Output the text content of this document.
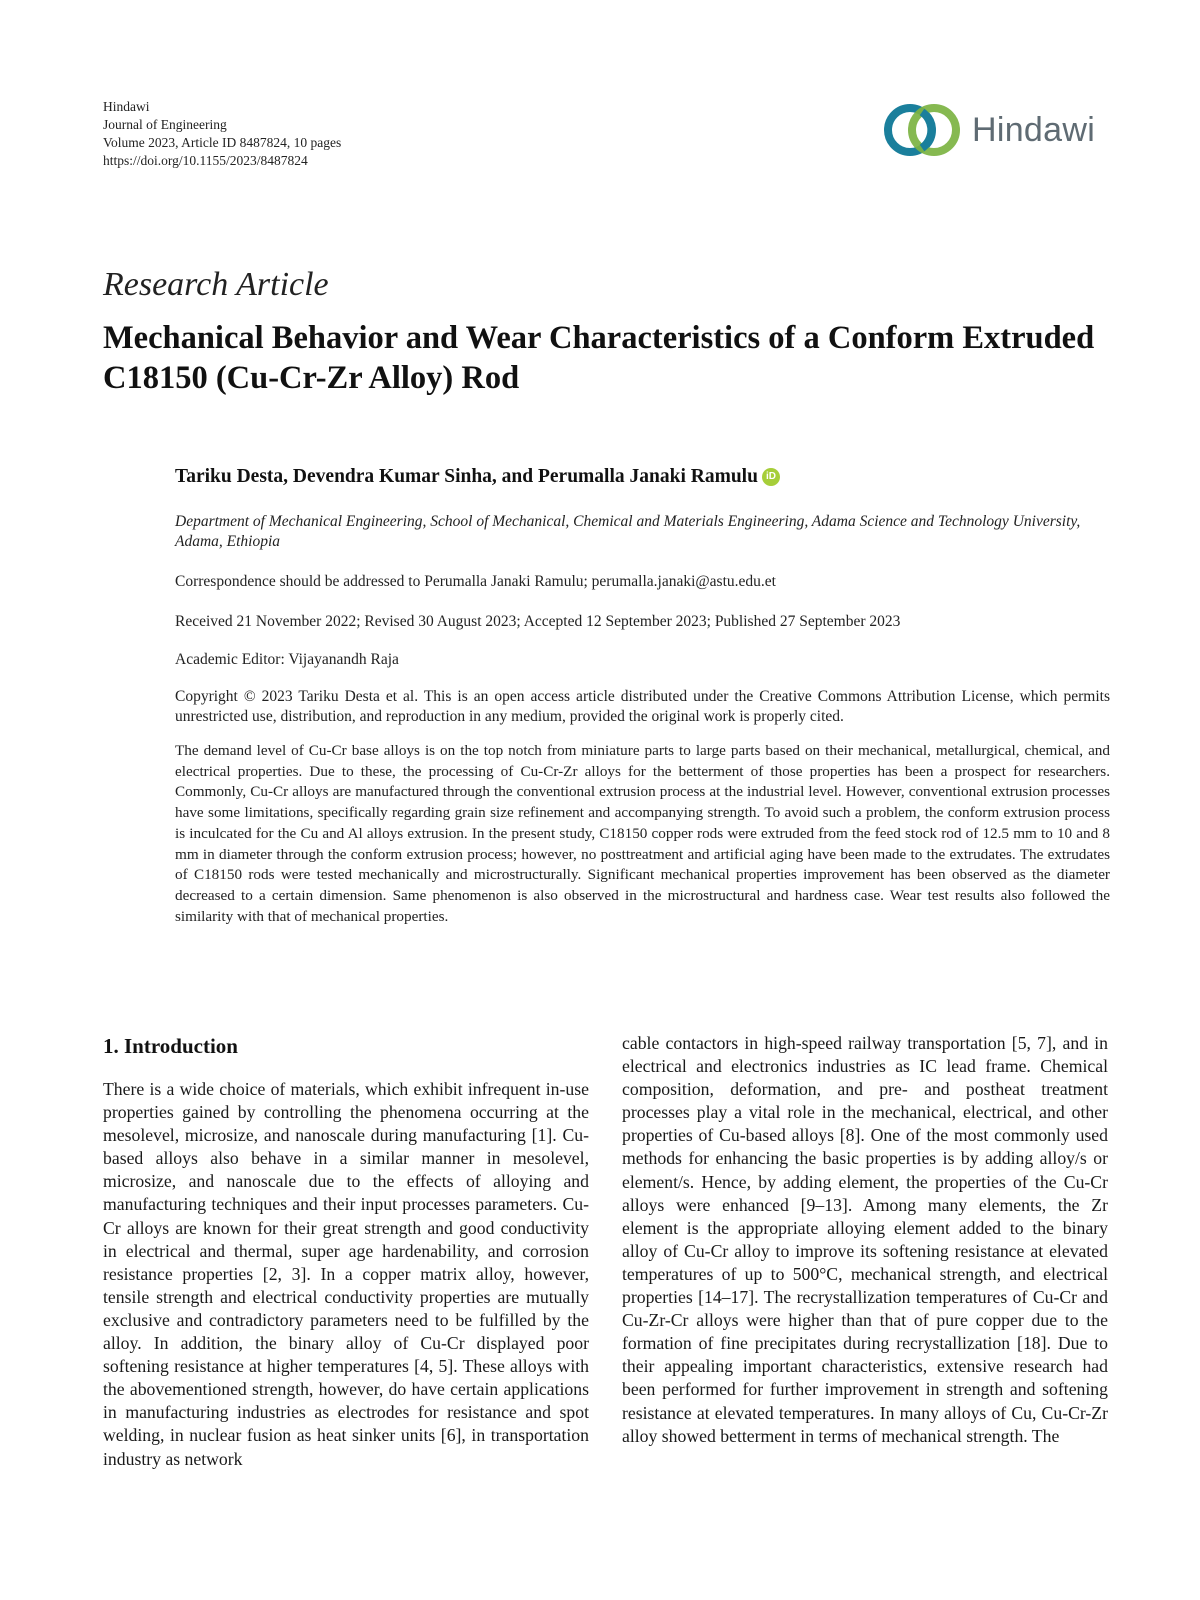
Hindawi
Journal of Engineering
Volume 2023, Article ID 8487824, 10 pages
https://doi.org/10.1155/2023/8487824
Hindawi
Research Article
Mechanical Behavior and Wear Characteristics of a Conform Extruded C18150 (Cu-Cr-Zr Alloy) Rod
Tariku Desta, Devendra Kumar Sinha, and Perumalla Janaki Ramulu iD
Department of Mechanical Engineering, School of Mechanical, Chemical and Materials Engineering, Adama Science and Technology University, Adama, Ethiopia
Correspondence should be addressed to Perumalla Janaki Ramulu; perumalla.janaki@astu.edu.et
Received 21 November 2022; Revised 30 August 2023; Accepted 12 September 2023; Published 27 September 2023
Academic Editor: Vijayanandh Raja
Copyright © 2023 Tariku Desta et al. This is an open access article distributed under the Creative Commons Attribution License, which permits unrestricted use, distribution, and reproduction in any medium, provided the original work is properly cited.
The demand level of Cu-Cr base alloys is on the top notch from miniature parts to large parts based on their mechanical, metallurgical, chemical, and electrical properties. Due to these, the processing of Cu-Cr-Zr alloys for the betterment of those properties has been a prospect for researchers. Commonly, Cu-Cr alloys are manufactured through the conventional extrusion process at the industrial level. However, conventional extrusion processes have some limitations, specifically regarding grain size refinement and accompanying strength. To avoid such a problem, the conform extrusion process is inculcated for the Cu and Al alloys extrusion. In the present study, C18150 copper rods were extruded from the feed stock rod of 12.5 mm to 10 and 8 mm in diameter through the conform extrusion process; however, no posttreatment and artificial aging have been made to the extrudates. The extrudates of C18150 rods were tested mechanically and microstructurally. Significant mechanical properties improvement has been observed as the diameter decreased to a certain dimension. Same phenomenon is also observed in the microstructural and hardness case. Wear test results also followed the similarity with that of mechanical properties.
1. Introduction
There is a wide choice of materials, which exhibit infrequent in-use properties gained by controlling the phenomena occurring at the mesolevel, microsize, and nanoscale during manufacturing [1]. Cu-based alloys also behave in a similar manner in mesolevel, microsize, and nanoscale due to the effects of alloying and manufacturing techniques and their input processes parameters. Cu-Cr alloys are known for their great strength and good conductivity in electrical and thermal, super age hardenability, and corrosion resistance properties [2, 3]. In a copper matrix alloy, however, tensile strength and electrical conductivity properties are mutually exclusive and contradictory parameters need to be fulfilled by the alloy. In addition, the binary alloy of Cu-Cr displayed poor softening resistance at higher temperatures [4, 5]. These alloys with the abovementioned strength, however, do have certain applications in manufacturing industries as electrodes for resistance and spot welding, in nuclear fusion as heat sinker units [6], in transportation industry as network
cable contactors in high-speed railway transportation [5, 7], and in electrical and electronics industries as IC lead frame. Chemical composition, deformation, and pre- and postheat treatment processes play a vital role in the mechanical, electrical, and other properties of Cu-based alloys [8]. One of the most commonly used methods for enhancing the basic properties is by adding alloy/s or element/s. Hence, by adding element, the properties of the Cu-Cr alloys were enhanced [9–13]. Among many elements, the Zr element is the appropriate alloying element added to the binary alloy of Cu-Cr alloy to improve its softening resistance at elevated temperatures of up to 500°C, mechanical strength, and electrical properties [14–17]. The recrystallization temperatures of Cu-Cr and Cu-Zr-Cr alloys were higher than that of pure copper due to the formation of fine precipitates during recrystallization [18]. Due to their appealing important characteristics, extensive research had been performed for further improvement in strength and softening resistance at elevated temperatures. In many alloys of Cu, Cu-Cr-Zr alloy showed betterment in terms of mechanical strength. The
